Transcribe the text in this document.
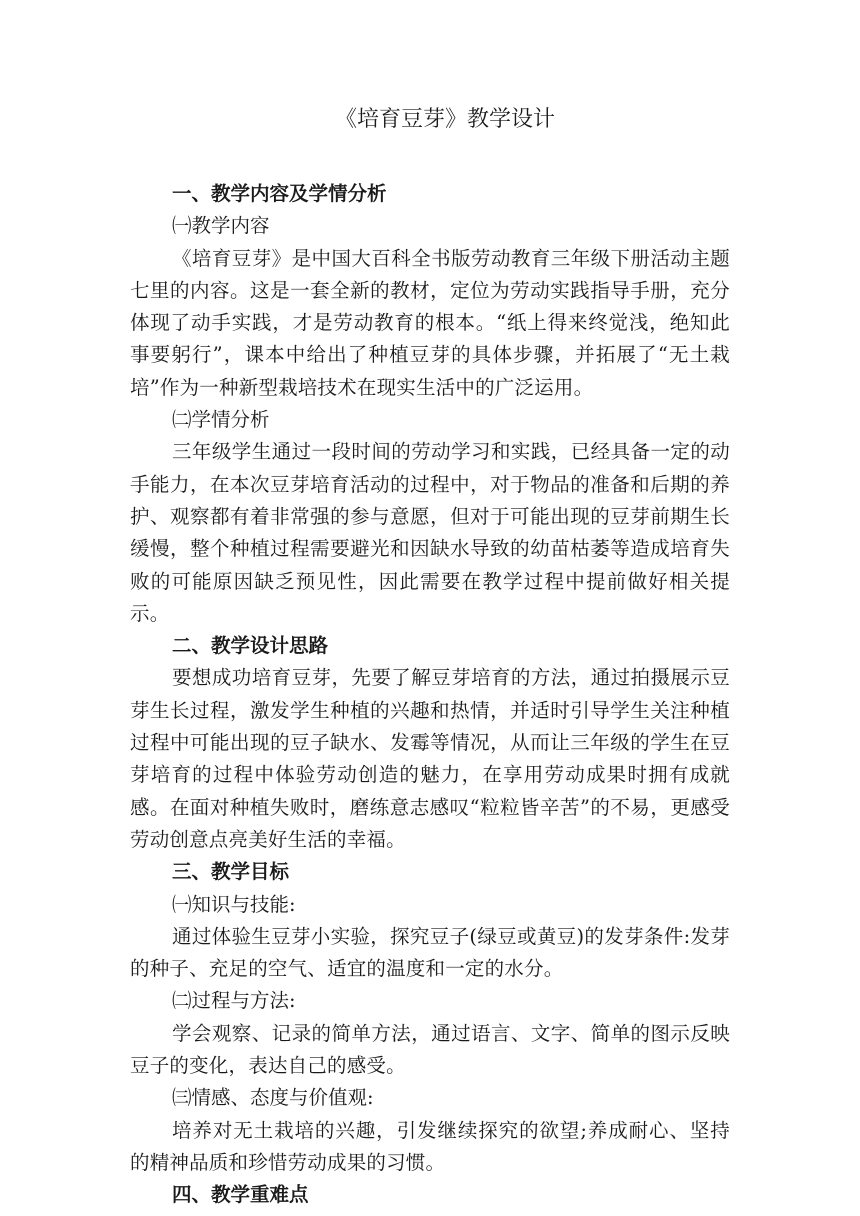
《培育豆芽》教学设计
一、教学内容及学情分析

㈠教学内容

《培育豆芽》是中国大百科全书版劳动教育三年级下册活动主题七里的内容。这是一套全新的教材，定位为劳动实践指导手册，充分体现了动手实践，才是劳动教育的根本。“纸上得来终觉浅，绝知此事要躬行”，课本中给出了种植豆芽的具体步骤，并拓展了“无土栽培”作为一种新型栽培技术在现实生活中的广泛运用。

㈡学情分析

三年级学生通过一段时间的劳动学习和实践，已经具备一定的动手能力，在本次豆芽培育活动的过程中，对于物品的准备和后期的养护、观察都有着非常强的参与意愿，但对于可能出现的豆芽前期生长缓慢，整个种植过程需要避光和因缺水导致的幼苗枯萎等造成培育失败的可能原因缺乏预见性，因此需要在教学过程中提前做好相关提示。

二、教学设计思路

要想成功培育豆芽，先要了解豆芽培育的方法，通过拍摄展示豆芽生长过程，激发学生种植的兴趣和热情，并适时引导学生关注种植过程中可能出现的豆子缺水、发霉等情况，从而让三年级的学生在豆芽培育的过程中体验劳动创造的魅力，在享用劳动成果时拥有成就感。在面对种植失败时，磨练意志感叹“粒粒皆辛苦”的不易，更感受劳动创意点亮美好生活的幸福。

三、教学目标

㈠知识与技能:

通过体验生豆芽小实验，探究豆子(绿豆或黄豆)的发芽条件:发芽的种子、充足的空气、适宜的温度和一定的水分。

㈡过程与方法:

学会观察、记录的简单方法，通过语言、文字、简单的图示反映豆子的变化，表达自己的感受。

㈢情感、态度与价值观:

培养对无土栽培的兴趣，引发继续探究的欲望;养成耐心、坚持的精神品质和珍惜劳动成果的习惯。

四、教学重难点
